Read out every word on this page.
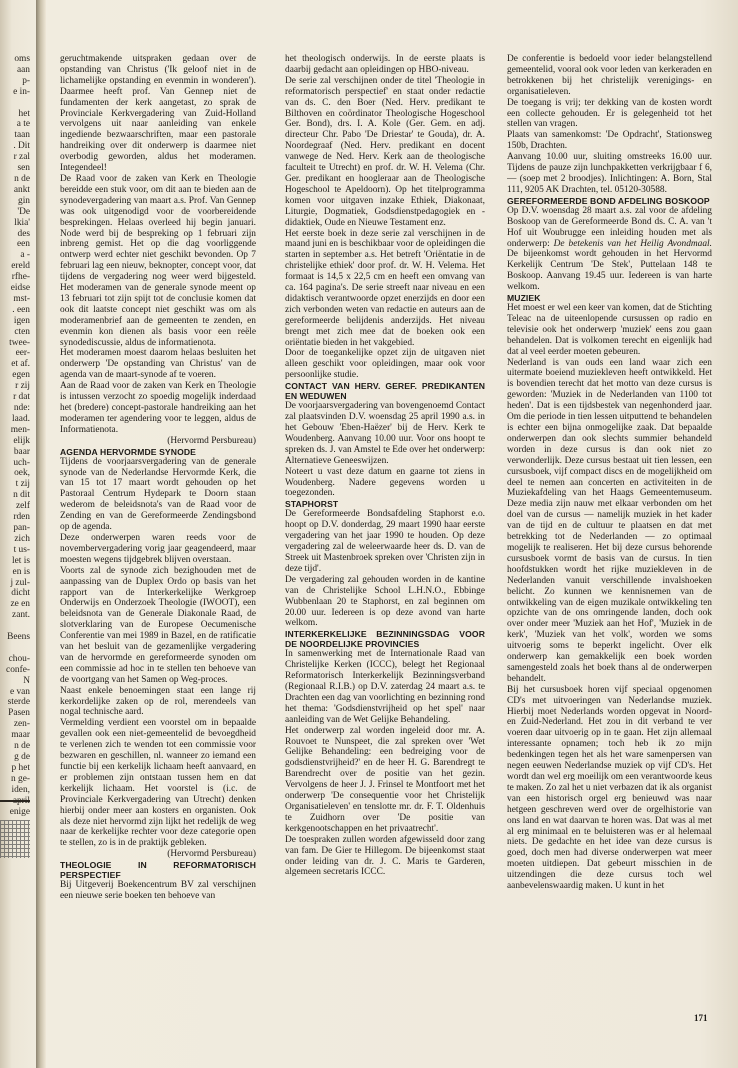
oms

aan

p-

e in-

het

a te

taan

. Dit

r zal

sen

n de

ankt

gin

'De

lkia'

des

een

a -

ereld

rfhe-

eidse

mst-

. een

igen

cten

twee-

eer-

et af.

egen

r zij

r dat

nde:

laad.

men-

elijk

baar

uch-

oek,

t zij

n dit

zelf

rden

pan-

zich

t us-

let is

en is

j zul-

dicht

ze en

zant.

Beens

chou-

confe-

N

e van

sterde

Pasen

zen-

maar

n de

g de

p het

n ge-

iden,

enige

geruchtmakende uitspraken gedaan over de opstanding van Christus ('Ik geloof niet in de lichamelijke opstanding en evenmin in wonderen'). Daarmee heeft prof. Van Gennep niet de fundamenten der kerk aangetast, zo sprak de Provinciale Kerkvergadering van Zuid-Holland vervolgens uit naar aanleiding van enkele ingediende bezwaarschriften, maar een pastorale handreiking over dit onderwerp is daarmee niet overbodig geworden, aldus het moderamen. Integendeel!

De Raad voor de zaken van Kerk en Theologie bereidde een stuk voor, om dit aan te bieden aan de synodevergadering van maart a.s. Prof. Van Gennep was ook uitgenodigd voor de voorbereidende besprekingen. Helaas overleed hij begin januari. Node werd bij de bespreking op 1 februari zijn inbreng gemist. Het op die dag voorliggende ontwerp werd echter niet geschikt bevonden. Op 7 februari lag een nieuw, beknopter, concept voor, dat tijdens de vergadering nog weer werd bijgesteld. Het moderamen van de generale synode meent op 13 februari tot zijn spijt tot de conclusie komen dat ook dit laatste concept niet geschikt was om als moderamenbrief aan de gemeenten te zenden, en evenmin kon dienen als basis voor een reële synodediscussie, aldus de informatienota.

Het moderamen moest daarom helaas besluiten het onderwerp 'De opstanding van Christus' van de agenda van de maart-synode af te voeren.

Aan de Raad voor de zaken van Kerk en Theologie is intussen verzocht zo spoedig mogelijk inderdaad het (bredere) concept-pastorale handreiking aan het moderamen ter agendering voor te leggen, aldus de Informatienota.

(Hervormd Persbureau)

AGENDA HERVORMDE SYNODE

Tijdens de voorjaarsvergadering van de generale synode van de Nederlandse Hervormde Kerk, die van 15 tot 17 maart wordt gehouden op het Pastoraal Centrum Hydepark te Doorn staan wederom de beleidsnota's van de Raad voor de Zending en van de Gereformeerde Zendingsbond op de agenda.

Deze onderwerpen waren reeds voor de novembervergadering vorig jaar geagendeerd, maar moesten wegens tijdgebrek blijven overstaan.

Voorts zal de synode zich bezighouden met de aanpassing van de Duplex Ordo op basis van het rapport van de Interkerkelijke Werkgroep Onderwijs en Onderzoek Theologie (IWOOT), een beleidsnota van de Generale Diakonale Raad, de slotverklaring van de Europese Oecumenische Conferentie van mei 1989 in Bazel, en de ratificatie van het besluit van de gezamenlijke vergadering van de hervormde en gereformeerde synoden om een commissie ad hoc in te stellen ten behoeve van de voortgang van het Samen op Weg-proces.

Naast enkele benoemingen staat een lange rij kerkordelijke zaken op de rol, merendeels van nogal technische aard.

Vermelding verdient een voorstel om in bepaalde gevallen ook een niet-gemeentelid de bevoegdheid te verlenen zich te wenden tot een commissie voor bezwaren en geschillen, nl. wanneer zo iemand een functie bij een kerkelijk lichaam heeft aanvaard, en er problemen zijn ontstaan tussen hem en dat kerkelijk lichaam. Het voorstel is (i.c. de Provinciale Kerkvergadering van Utrecht) denken hierbij onder meer aan kosters en organisten. Ook als deze niet hervormd zijn lijkt het redelijk de weg naar de kerkelijke rechter voor deze categorie open te stellen, zo is in de praktijk gebleken.

(Hervormd Persbureau)

THEOLOGIE IN REFORMATORISCH PERSPECTIEF

Bij Uitgeverij Boekencentrum BV zal verschijnen een nieuwe serie boeken ten behoeve van

het theologisch onderwijs. In de eerste plaats is daarbij gedacht aan opleidingen op HBO-niveau.

De serie zal verschijnen onder de titel 'Theologie in reformatorisch perspectief' en staat onder redactie van ds. C. den Boer (Ned. Herv. predikant te Bilthoven en coördinator Theologische Hogeschool Ger. Bond), drs. I. A. Kole (Ger. Gem. en adj. directeur Chr. Pabo 'De Driestar' te Gouda), dr. A. Noordegraaf (Ned. Herv. predikant en docent vanwege de Ned. Herv. Kerk aan de theologische faculteit te Utrecht) en prof. dr. W. H. Velema (Chr. Ger. predikant en hoogleraar aan de Theologische Hogeschool te Apeldoorn). Op het titelprogramma komen voor uitgaven inzake Ethiek, Diakonaat, Liturgie, Dogmatiek, Godsdienstpedagogiek en -didaktiek, Oude en Nieuwe Testament enz.

Het eerste boek in deze serie zal verschijnen in de maand juni en is beschikbaar voor de opleidingen die starten in september a.s. Het betreft 'Oriëntatie in de christelijke ethiek' door prof. dr. W. H. Velema. Het formaat is 14,5 x 22,5 cm en heeft een omvang van ca. 164 pagina's. De serie streeft naar niveau en een didaktisch verantwoorde opzet enerzijds en door een zich verbonden weten van redactie en auteurs aan de gereformeerde belijdenis anderzijds. Het niveau brengt met zich mee dat de boeken ook een oriëntatie bieden in het vakgebied.

Door de toegankelijke opzet zijn de uitgaven niet alleen geschikt voor opleidingen, maar ook voor persoonlijke studie.

CONTACT VAN HERV. GEREF. PREDIKANTEN EN WEDUWEN

De voorjaarsvergadering van bovengenoemd Contact zal plaatsvinden D.V. woensdag 25 april 1990 a.s. in het Gebouw 'Eben-Haëzer' bij de Herv. Kerk te Woudenberg. Aanvang 10.00 uur. Voor ons hoopt te spreken ds. J. van Amstel te Ede over het onderwerp: Alternatieve Geneeswijzen.

Noteert u vast deze datum en gaarne tot ziens in Woudenberg. Nadere gegevens worden u toegezonden.

STAPHORST

De Gereformeerde Bondsafdeling Staphorst e.o. hoopt op D.V. donderdag, 29 maart 1990 haar eerste vergadering van het jaar 1990 te houden. Op deze vergadering zal de weleerwaarde heer ds. D. van de Streek uit Mastenbroek spreken over 'Christen zijn in deze tijd'.

De vergadering zal gehouden worden in de kantine van de Christelijke School L.H.N.O., Ebbinge Wubbenlaan 20 te Staphorst, en zal beginnen om 20.00 uur. Iedereen is op deze avond van harte welkom.

INTERKERKELIJKE BEZINNINGSDAG VOOR DE NOORDELIJKE PROVINCIES

In samenwerking met de Internationale Raad van Christelijke Kerken (ICCC), belegt het Regionaal Reformatorisch Interkerkelijk Bezinningsverband (Regionaal R.I.B.) op D.V. zaterdag 24 maart a.s. te Drachten een dag van voorlichting en bezinning rond het thema: 'Godsdienstvrijheid op het spel' naar aanleiding van de Wet Gelijke Behandeling.

Het onderwerp zal worden ingeleid door mr. A. Rouvoet te Nunspeet, die zal spreken over 'Wet Gelijke Behandeling: een bedreiging voor de godsdienstvrijheid?' en de heer H. G. Barendregt te Barendrecht over de positie van het gezin. Vervolgens de heer J. J. Frinsel te Montfoort met het onderwerp 'De consequentie voor het Christelijk Organisatieleven' en tenslotte mr. dr. F. T. Oldenhuis te Zuidhorn over 'De positie van kerkgenootschappen en het privaatrecht'.

De toespraken zullen worden afgewisseld door zang van fam. De Gier te Hillegom. De bijeenkomst staat onder leiding van dr. J. C. Maris te Garderen, algemeen secretaris ICCC.

De conferentie is bedoeld voor ieder belangstellend gemeentelid, vooral ook voor leden van kerkeraden en betrokkenen bij het christelijk verenigings- en organisatieleven.

De toegang is vrij; ter dekking van de kosten wordt een collecte gehouden. Er is gelegenheid tot het stellen van vragen.

Plaats van samenkomst: 'De Opdracht', Stationsweg 150b, Drachten.

Aanvang 10.00 uur, sluiting omstreeks 16.00 uur. Tijdens de pauze zijn lunchpakketten verkrijgbaar f 6,— (soep met 2 broodjes). Inlichtingen: A. Born, Stal 111, 9205 AK Drachten, tel. 05120-30588.

GEREFORMEERDE BOND AFDELING BOSKOOP

Op D.V. woensdag 28 maart a.s. zal voor de afdeling Boskoop van de Gereformeerde Bond ds. C. A. van 't Hof uit Woubrugge een inleiding houden met als onderwerp: De betekenis van het Heilig Avondmaal. De bijeenkomst wordt gehouden in het Hervormd Kerkelijk Centrum 'De Stek', Puttelaan 148 te Boskoop. Aanvang 19.45 uur. Iedereen is van harte welkom.

MUZIEK

Het moest er wel een keer van komen, dat de Stichting Teleac na de uiteenlopende cursussen op radio en televisie ook het onderwerp 'muziek' eens zou gaan behandelen. Dat is volkomen terecht en eigenlijk had dat al veel eerder moeten gebeuren.

Nederland is van ouds een land waar zich een uitermate boeiend muziekleven heeft ontwikkeld. Het is bovendien terecht dat het motto van deze cursus is geworden: 'Muziek in de Nederlanden van 1100 tot heden'. Dat is een tijdsbestek van negenhonderd jaar. Om die periode in tien lessen uitputtend te behandelen is echter een bijna onmogelijke zaak. Dat bepaalde onderwerpen dan ook slechts summier behandeld worden in deze cursus is dan ook niet zo verwonderlijk. Deze cursus bestaat uit tien lessen, een cursusboek, vijf compact discs en de mogelijkheid om deel te nemen aan concerten en activiteiten in de Muziekafdeling van het Haags Gemeentemuseum. Deze media zijn nauw met elkaar verbonden om het doel van de cursus — namelijk muziek in het kader van de tijd en de cultuur te plaatsen en dat met betrekking tot de Nederlanden — zo optimaal mogelijk te realiseren. Het bij deze cursus behorende cursusboek vormt de basis van de cursus. In tien hoofdstukken wordt het rijke muziekleven in de Nederlanden vanuit verschillende invalshoeken belicht. Zo kunnen we kennisnemen van de ontwikkeling van de eigen muzikale ontwikkeling ten opzichte van de ons omringende landen, doch ook over onder meer 'Muziek aan het Hof', 'Muziek in de kerk', 'Muziek van het volk', worden we soms uitvoerig soms te beperkt ingelicht. Over elk onderwerp kan gemakkelijk een boek worden samengesteld zoals het boek thans al de onderwerpen behandelt.

Bij het cursusboek horen vijf speciaal opgenomen CD's met uitvoeringen van Nederlandse muziek. Hierbij moet Nederlands worden opgevat in Noord- en Zuid-Nederland. Het zou in dit verband te ver voeren daar uitvoerig op in te gaan. Het zijn allemaal interessante opnamen; toch heb ik zo mijn bedenkingen tegen het als het ware samenpersen van negen eeuwen Nederlandse muziek op vijf CD's. Het wordt dan wel erg moeilijk om een verantwoorde keus te maken. Zo zal het u niet verbazen dat ik als organist van een historisch orgel erg benieuwd was naar hetgeen geschreven werd over de orgelhistorie van ons land en wat daarvan te horen was. Dat was al met al erg minimaal en te beluisteren was er al helemaal niets. De gedachte en het idee van deze cursus is goed, doch men had diverse onderwerpen wat meer moeten uitdiepen. Dat gebeurt misschien in de uitzendingen die deze cursus toch wel aanbevelenswaardig maken. U kunt in het

171
